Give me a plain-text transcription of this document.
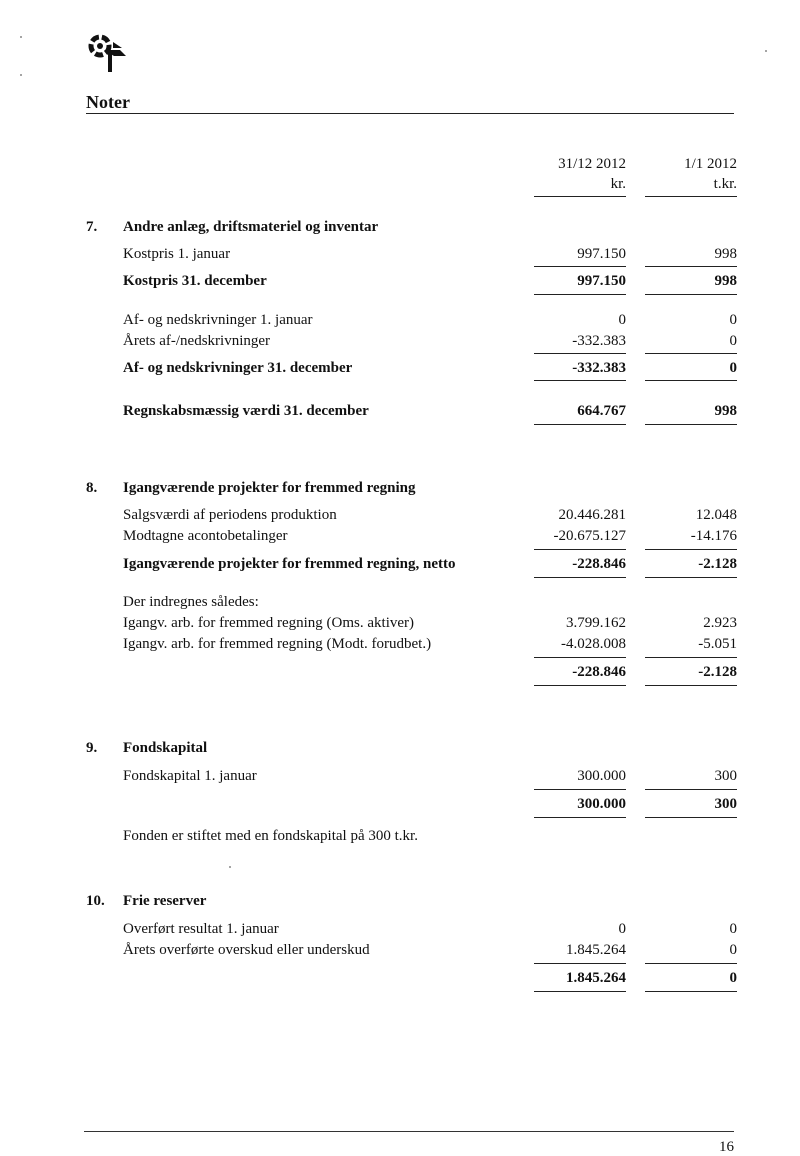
Noter
31/12 2012
kr.
1/1 2012
t.kr.
7.	Andre anlæg, driftsmateriel og inventar
Kostpris 1. januar	997.150	998
Kostpris 31. december	997.150	998
Af- og nedskrivninger 1. januar	0	0
Årets af-/nedskrivninger	-332.383	0
Af- og nedskrivninger 31. december	-332.383	0
Regnskabsmæssig værdi 31. december	664.767	998
8.	Igangværende projekter for fremmed regning
Salgsværdi af periodens produktion	20.446.281	12.048
Modtagne acontobetalinger	-20.675.127	-14.176
Igangværende projekter for fremmed regning, netto	-228.846	-2.128
Der indregnes således:
Igangv. arb. for fremmed regning (Oms. aktiver)	3.799.162	2.923
Igangv. arb. for fremmed regning (Modt. forudbet.)	-4.028.008	-5.051
-228.846	-2.128
9.	Fondskapital
Fondskapital 1. januar	300.000	300
300.000	300
Fonden er stiftet med en fondskapital på 300 t.kr.
10.	Frie reserver
Overført resultat 1. januar	0	0
Årets overførte overskud eller underskud	1.845.264	0
1.845.264	0
16
